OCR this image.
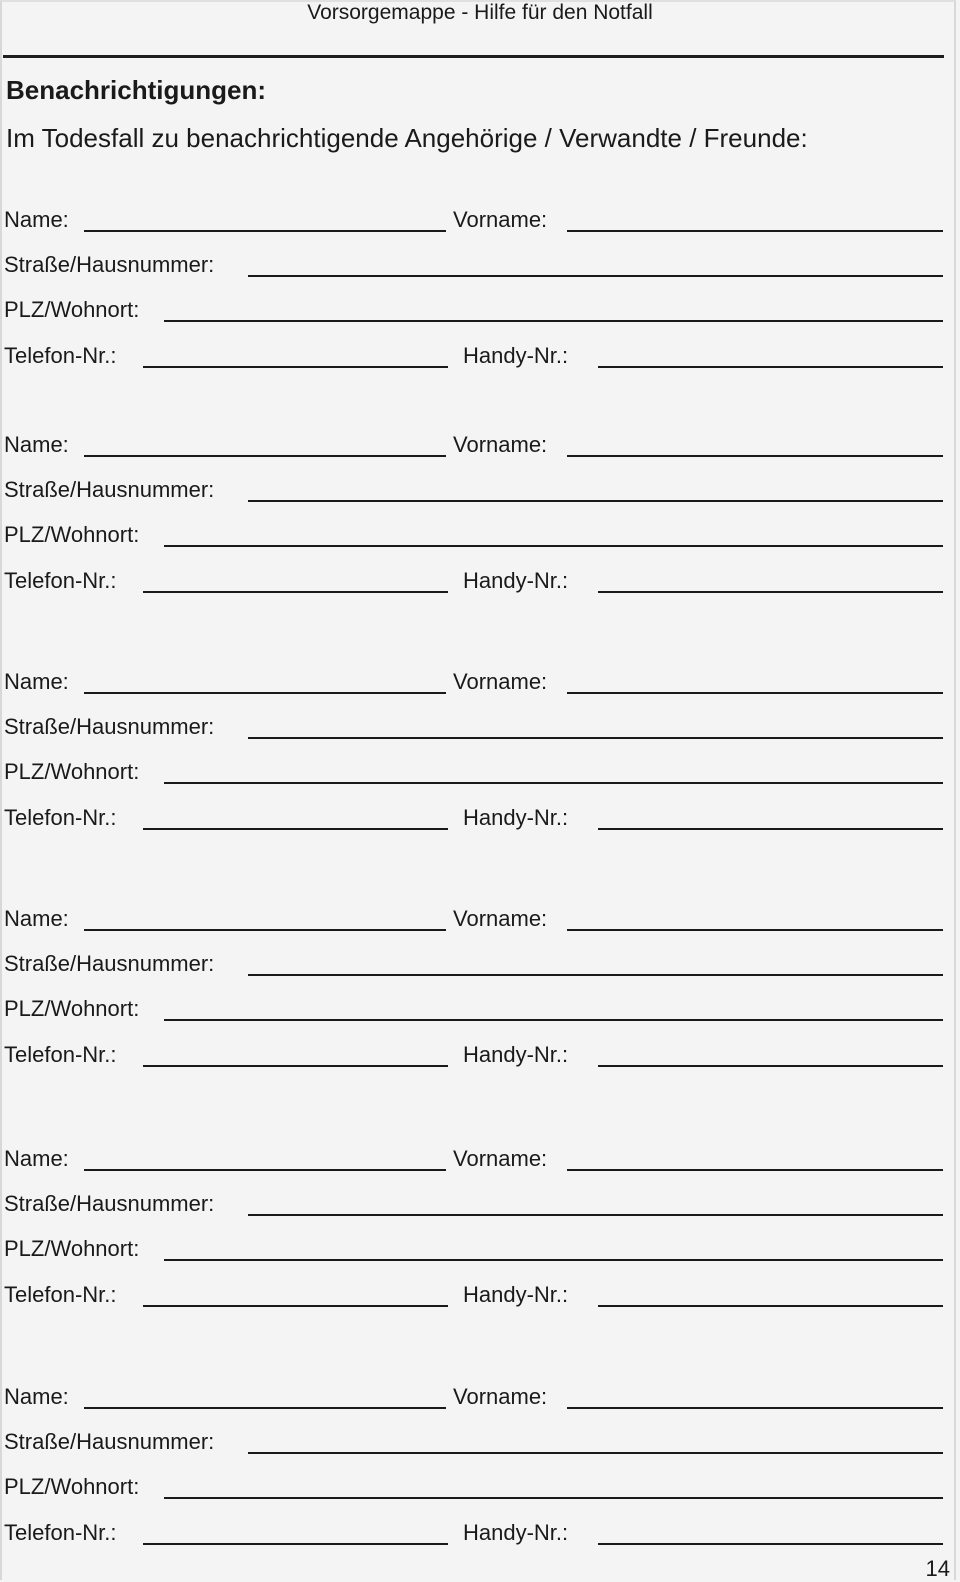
Vorsorgemappe - Hilfe für den Notfall
Benachrichtigungen:
Im Todesfall zu benachrichtigende Angehörige / Verwandte / Freunde:
Name:	Vorname:
Straße/Hausnummer:
PLZ/Wohnort:
Telefon-Nr.:	Handy-Nr.:
Name:	Vorname:
Straße/Hausnummer:
PLZ/Wohnort:
Telefon-Nr.:	Handy-Nr.:
Name:	Vorname:
Straße/Hausnummer:
PLZ/Wohnort:
Telefon-Nr.:	Handy-Nr.:
Name:	Vorname:
Straße/Hausnummer:
PLZ/Wohnort:
Telefon-Nr.:	Handy-Nr.:
Name:	Vorname:
Straße/Hausnummer:
PLZ/Wohnort:
Telefon-Nr.:	Handy-Nr.:
Name:	Vorname:
Straße/Hausnummer:
PLZ/Wohnort:
Telefon-Nr.:	Handy-Nr.:
14
